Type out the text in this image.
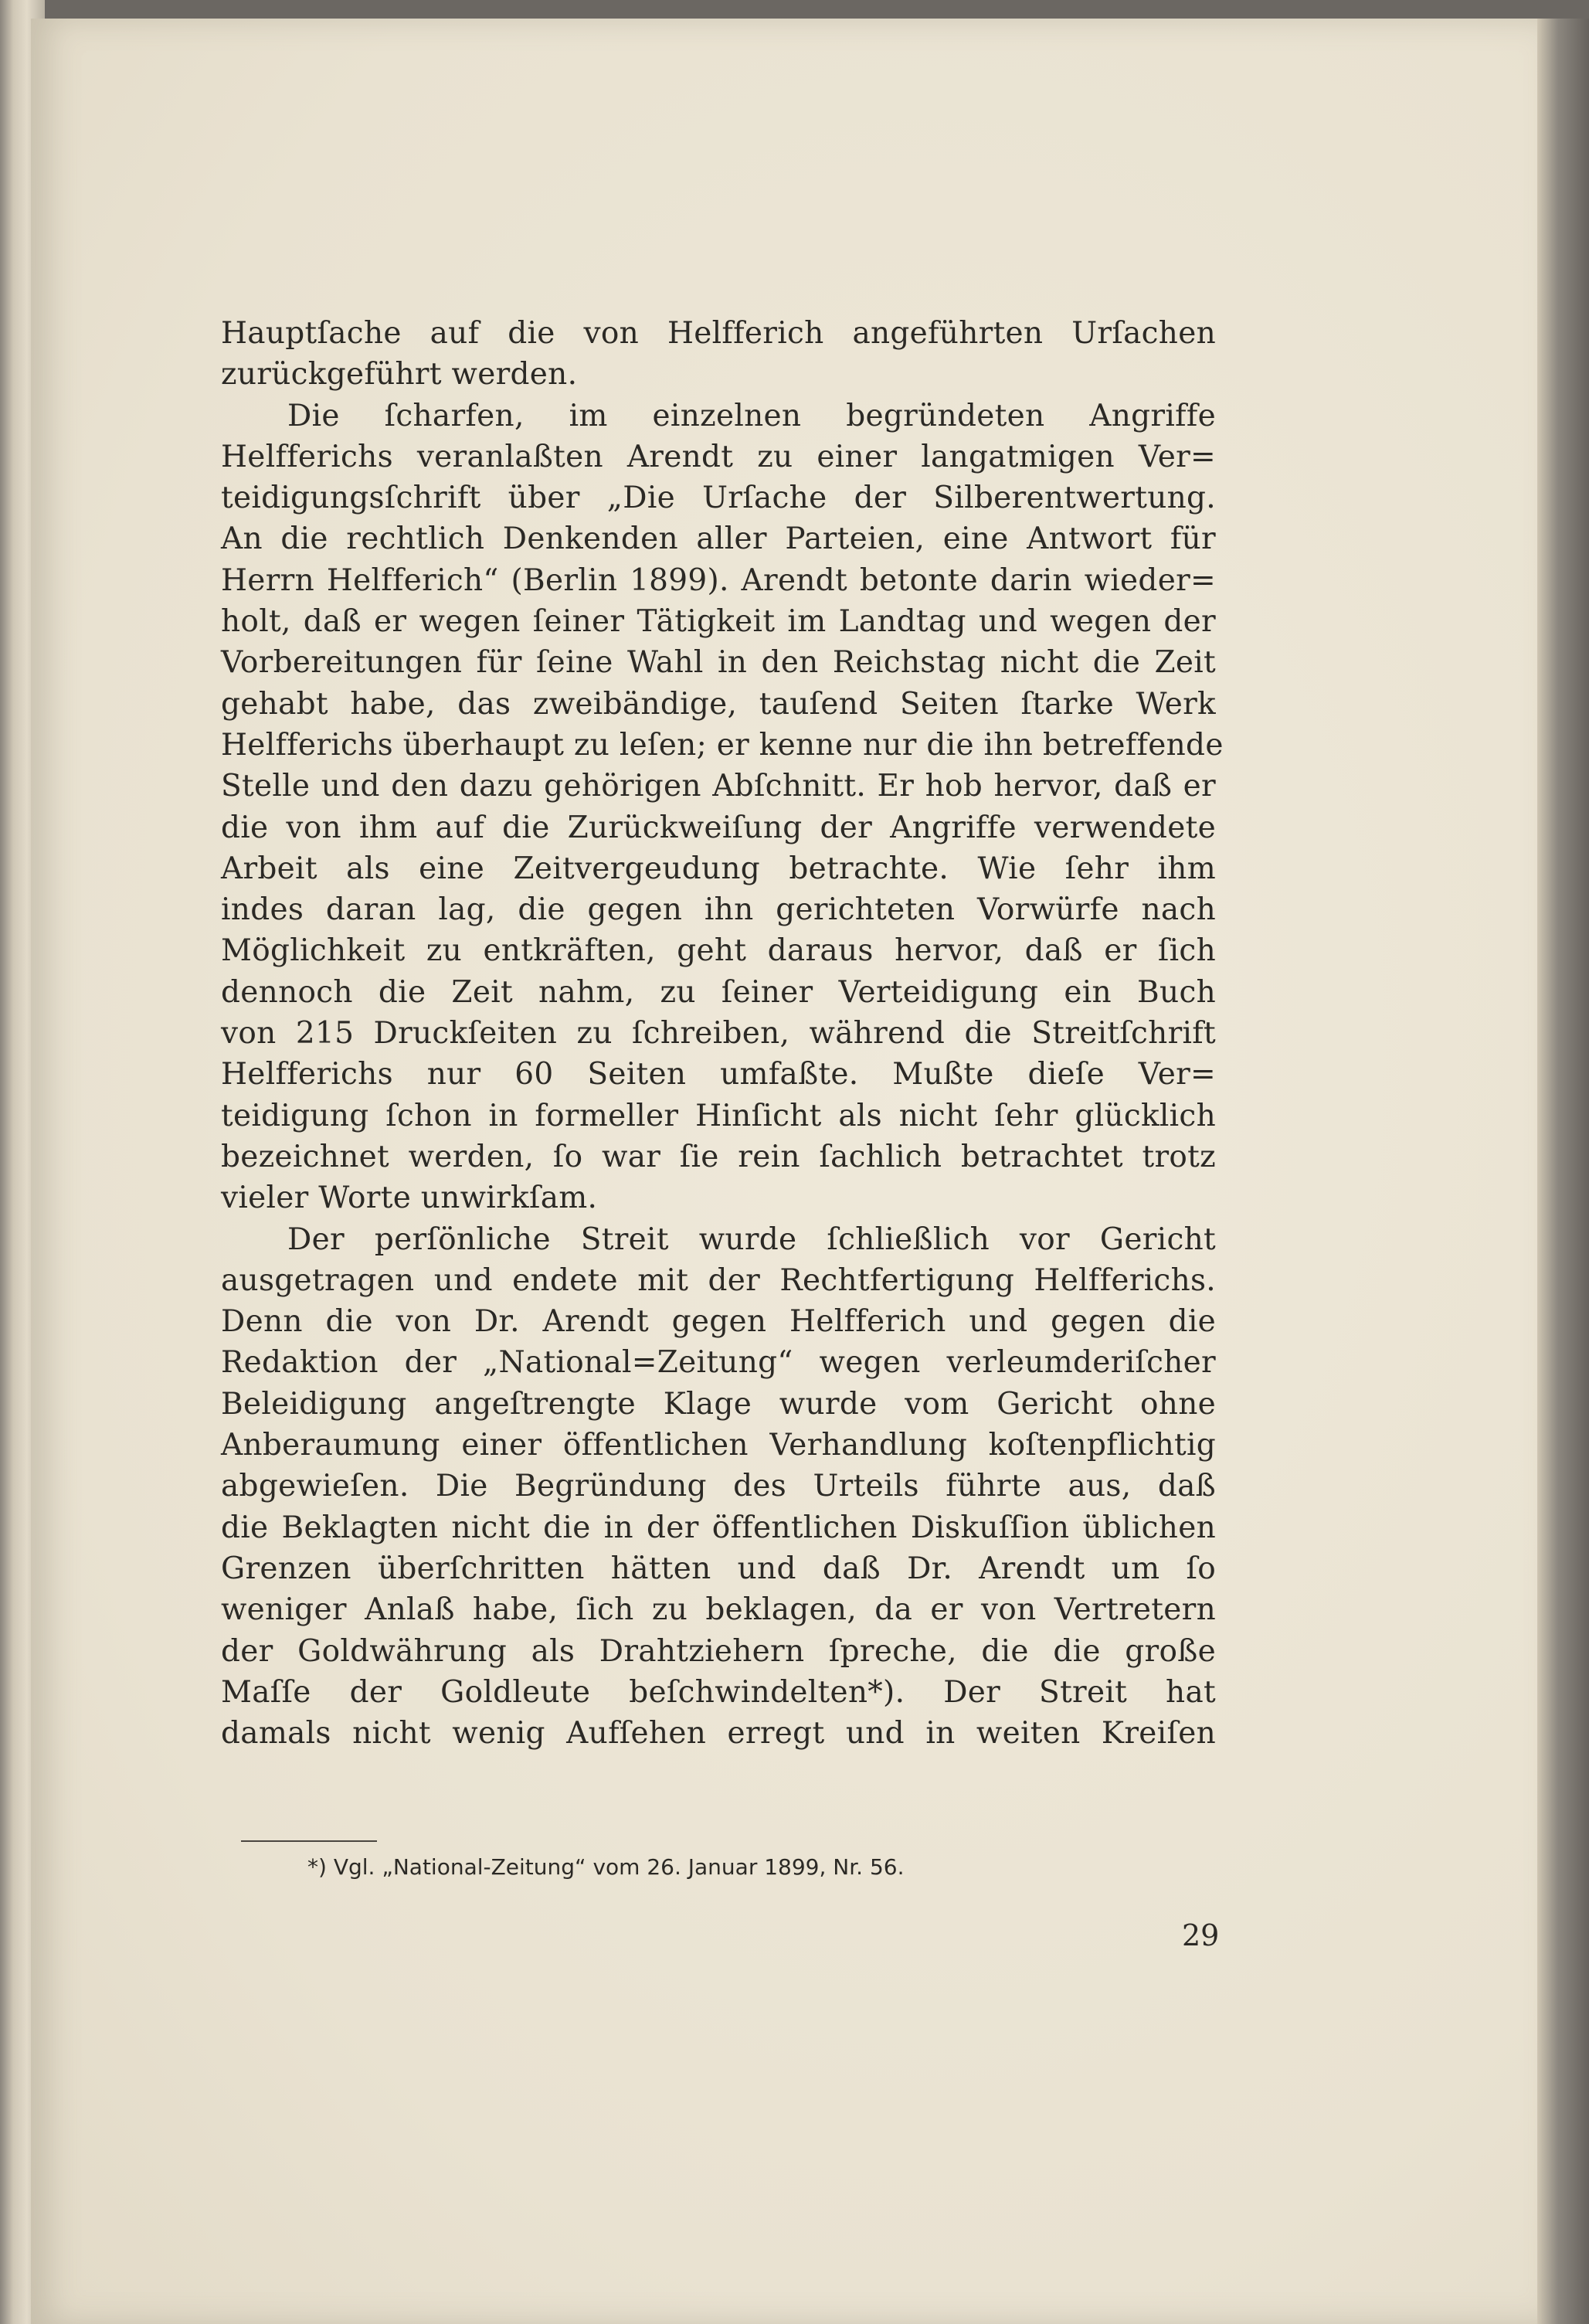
Hauptſache auf die von Helfferich angeführten Urſachen
zurückgeführt werden.
Die ſcharfen, im einzelnen begründeten Angriffe
Helfferichs veranlaßten Arendt zu einer langatmigen Ver=
teidigungsſchrift über „Die Urſache der Silberentwertung.
An die rechtlich Denkenden aller Parteien, eine Antwort für
Herrn Helfferich“ (Berlin 1899). Arendt betonte darin wieder=
holt, daß er wegen ſeiner Tätigkeit im Landtag und wegen der
Vorbereitungen für ſeine Wahl in den Reichstag nicht die Zeit
gehabt habe, das zweibändige, tauſend Seiten ſtarke Werk
Helfferichs überhaupt zu leſen; er kenne nur die ihn betreffende
Stelle und den dazu gehörigen Abſchnitt. Er hob hervor, daß er
die von ihm auf die Zurückweiſung der Angriffe verwendete
Arbeit als eine Zeitvergeudung betrachte. Wie ſehr ihm
indes daran lag, die gegen ihn gerichteten Vorwürfe nach
Möglichkeit zu entkräften, geht daraus hervor, daß er ſich
dennoch die Zeit nahm, zu ſeiner Verteidigung ein Buch
von 215 Druckſeiten zu ſchreiben, während die Streitſchrift
Helfferichs nur 60 Seiten umfaßte. Mußte dieſe Ver=
teidigung ſchon in formeller Hinſicht als nicht ſehr glücklich
bezeichnet werden, ſo war ſie rein ſachlich betrachtet trotz
vieler Worte unwirkſam.
Der perſönliche Streit wurde ſchließlich vor Gericht
ausgetragen und endete mit der Rechtfertigung Helfferichs.
Denn die von Dr. Arendt gegen Helfferich und gegen die
Redaktion der „National=Zeitung“ wegen verleumderiſcher
Beleidigung angeſtrengte Klage wurde vom Gericht ohne
Anberaumung einer öffentlichen Verhandlung koſtenpflichtig
abgewieſen. Die Begründung des Urteils führte aus, daß
die Beklagten nicht die in der öffentlichen Diskuſſion üblichen
Grenzen überſchritten hätten und daß Dr. Arendt um ſo
weniger Anlaß habe, ſich zu beklagen, da er von Vertretern
der Goldwährung als Drahtziehern ſpreche, die die große
Maſſe der Goldleute beſchwindelten*). Der Streit hat
damals nicht wenig Aufſehen erregt und in weiten Kreiſen
*) Vgl. „National-Zeitung“ vom 26. Januar 1899, Nr. 56.
29
